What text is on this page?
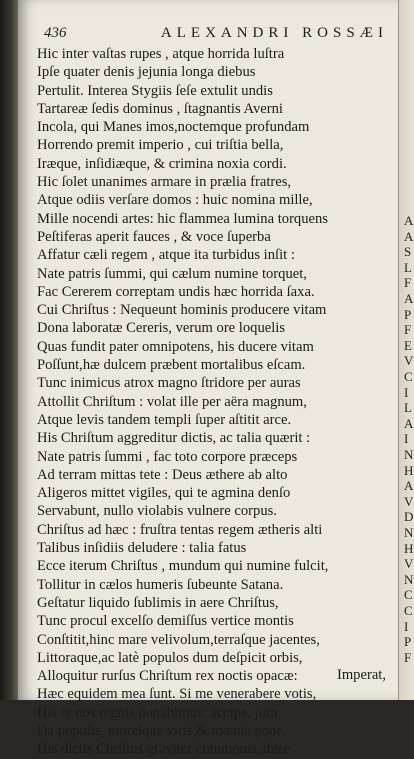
436	ALEXANDRI ROSSÆI
Hic inter vaſtas rupes , atque horrida luſtra
Ipſe quater denis jejunia longa diebus
Pertulit. Interea Stygiis ſeſe extulit undis
Tartareæ ſedis dominus , ſtagnantis Averni
Incola, qui Manes imos,noctemque profundam
Horrendo premit imperio , cui triſtia bella,
Iræque, inſidiæque, & crimina noxia cordi.
Hic ſolet unanimes armare in prælia fratres,
Atque odiis verſare domos : huic nomina mille,
Mille nocendi artes: hic flammea lumina torquens
Peſtiferas aperit fauces , & voce ſuperba
Affatur cæli regem , atque ita turbidus inſit :
Nate patris ſummi, qui cælum numine torquet,
Fac Cererem correptam undis hæc horrida ſaxa.
Cui Chriſtus : Nequeunt hominis producere vitam
Dona laboratæ Cereris, verum ore loquelis
Quas fundit pater omnipotens, his ducere vitam
Poſſunt,hæ dulcem præbent mortalibus eſcam.
Tunc inimicus atrox magno ſtridore per auras
Attollit Chriſtum : volat ille per aëra magnum,
Atque levis tandem templi ſuper aſtitit arce.
His Chriſtum aggreditur dictis, ac talia quærit :
Nate patris ſummi , fac toto corpore præceps
Ad terram mittas tete : Deus æthere ab alto
Aligeros mittet vigiles, qui te agmina denſo
Servabunt, nullo violabis vulnere corpus.
Chriſtus ad hæc : fruſtra tentas regem ætheris alti
Talibus inſidiis deludere : talia fatus
Ecce iterum Chriſtus , mundum qui numine fulcit,
Tollitur in cælos humeris ſubeunte Satana.
Geſtatur liquido ſublimis in aere Chriſtus,
Tunc procul excelſo demiſſus vertice montis
Conſtitit,hinc mare velivolum,terraſque jacentes,
Littoraque,ac latè populos dum deſpicit orbis,
Alloquitur rurſus Chriſtum rex noctis opacæ:
Hæc equidem mea ſunt. Si me venerabere votis,
His te nos regnis donabimus: accipe, jura
Da populis, moreſque viris,& mœnia pone.
His dictis Chriſtus graviter commotus,abire
Imperat,
A
A
S
L
F
A
P
F
E
V
C
I
L
A
I
N
H
A
V
D
N
H
V
N
C
C
I
P
F
